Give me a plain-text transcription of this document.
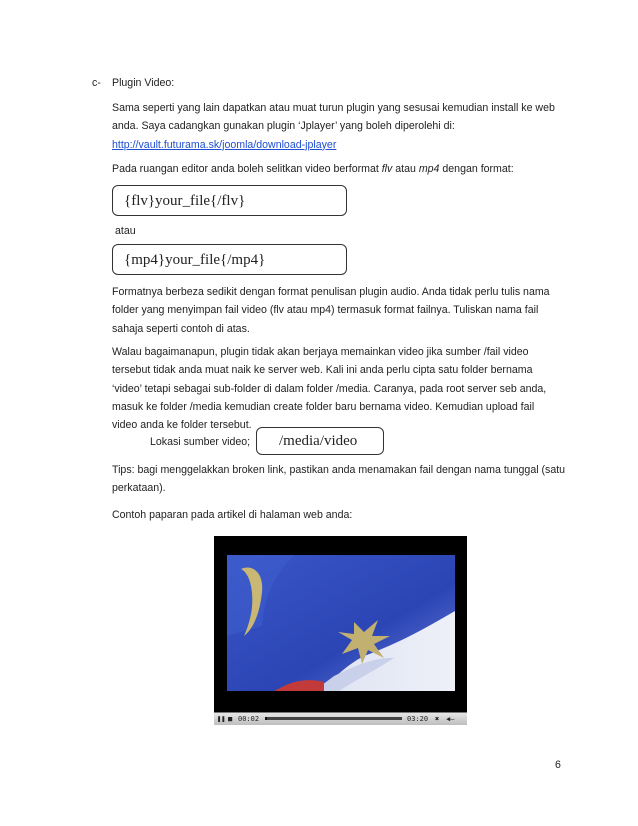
c- Plugin Video:
Sama seperti yang lain dapatkan atau muat turun plugin yang sesusai kemudian install ke web
anda. Saya cadangkan gunakan plugin ‘Jplayer’ yang boleh diperolehi di:
http://vault.futurama.sk/joomla/download-jplayer
Pada ruangan editor anda boleh selitkan video berformat flv atau mp4 dengan format:
{flv}your_file{/flv}
atau
{mp4}your_file{/mp4}
Formatnya berbeza sedikit dengan format penulisan plugin audio. Anda tidak perlu tulis nama
folder yang menyimpan fail video (flv atau mp4) termasuk format failnya. Tuliskan nama fail
sahaja seperti contoh di atas.
Walau bagaimanapun, plugin tidak akan berjaya memainkan video jika sumber /fail video
tersebut tidak anda muat naik ke server web. Kali ini anda perlu cipta satu folder bernama
‘video’ tetapi sebagai sub-folder di dalam folder /media. Caranya, pada root server seb anda,
masuk ke folder /media kemudian create folder baru bernama video. Kemudian upload fail
video anda ke folder tersebut.
Lokasi sumber video;	/media/video
Tips: bagi menggelakkan broken link, pastikan anda menamakan fail dengan nama tunggal (satu
perkataan).
Contoh paparan pada artikel di halaman web anda:
❚❚ ■ 00:02	03:20 ✖ ◀–
6
